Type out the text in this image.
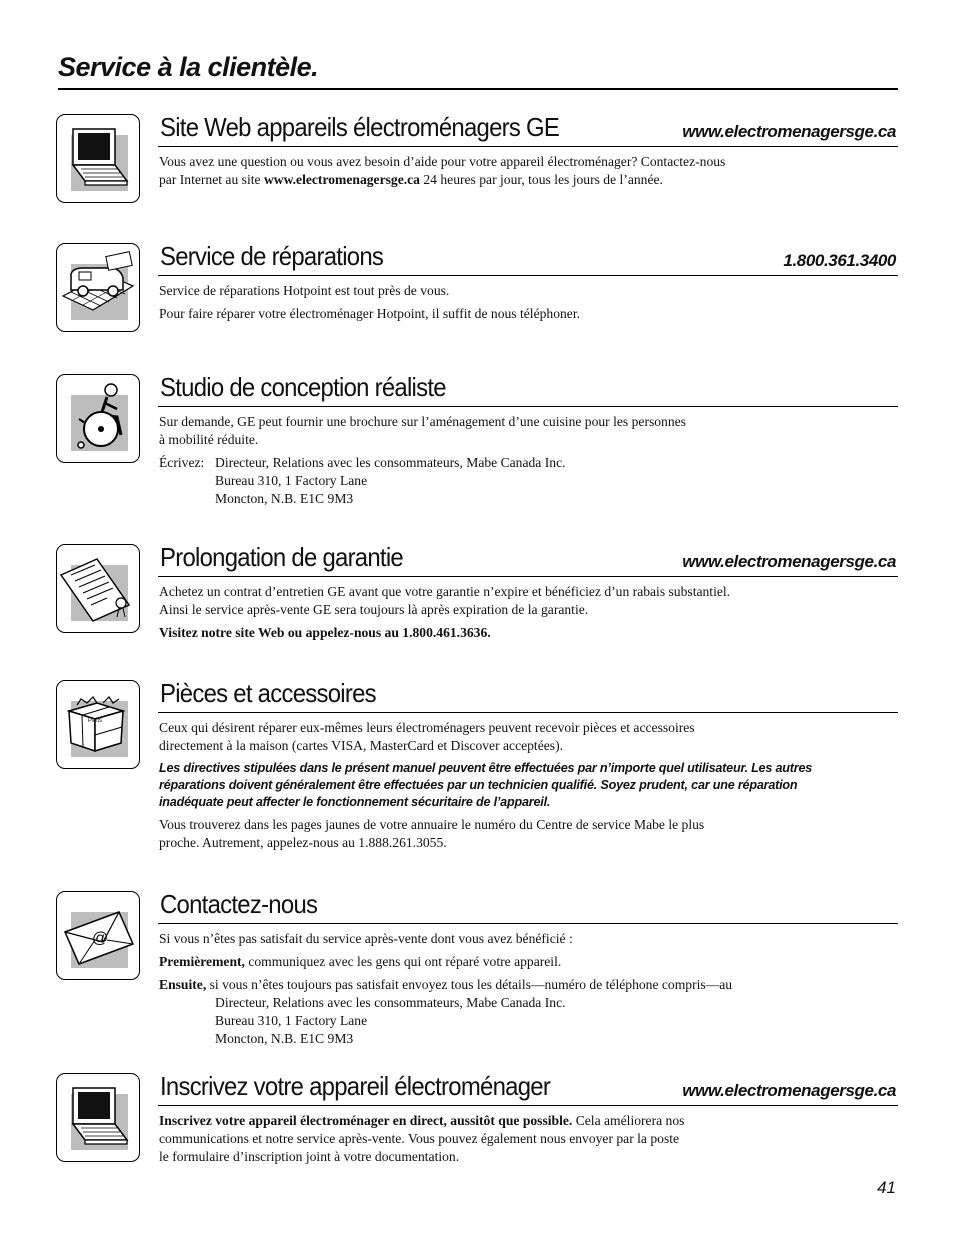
Service à la clientèle.
Site Web appareils électroménagers GE	www.electromenagersge.ca

Vous avez une question ou vous avez besoin d’aide pour votre appareil électroménager? Contactez-nous

par Internet au site www.electromenagersge.ca 24 heures par jour, tous les jours de l’année.

Service de réparations	1.800.361.3400

Service de réparations Hotpoint est tout près de vous.

Pour faire réparer votre électroménager Hotpoint, il suffit de nous téléphoner.

Studio de conception réaliste

Sur demande, GE peut fournir une brochure sur l’aménagement d’une cuisine pour les personnes

à mobilité réduite.

Écrivez: Directeur, Relations avec les consommateurs, Mabe Canada Inc.

Bureau 310, 1 Factory Lane

Moncton, N.B. E1C 9M3

Prolongation de garantie	www.electromenagersge.ca

Achetez un contrat d’entretien GE avant que votre garantie n’expire et bénéficiez d’un rabais substantiel.

Ainsi le service après-vente GE sera toujours là après expiration de la garantie.

Visitez notre site Web ou appelez-nous au 1.800.461.3636.

Parts
Pièces et accessoires

Ceux qui désirent réparer eux-mêmes leurs électroménagers peuvent recevoir pièces et accessoires

directement à la maison (cartes VISA, MasterCard et Discover acceptées).

Les directives stipulées dans le présent manuel peuvent être effectuées par n’importe quel utilisateur. Les autres

réparations doivent généralement être effectuées par un technicien qualifié. Soyez prudent, car une réparation

inadéquate peut affecter le fonctionnement sécuritaire de l’appareil.

Vous trouverez dans les pages jaunes de votre annuaire le numéro du Centre de service Mabe le plus

proche. Autrement, appelez-nous au 1.888.261.3055.

@
Contactez-nous

Si vous n’êtes pas satisfait du service après-vente dont vous avez bénéficié :

Premièrement, communiquez avec les gens qui ont réparé votre appareil.

Ensuite, si vous n’êtes toujours pas satisfait envoyez tous les détails—numéro de téléphone compris—au

Directeur, Relations avec les consommateurs, Mabe Canada Inc.

Bureau 310, 1 Factory Lane

Moncton, N.B. E1C 9M3

Inscrivez votre appareil électroménager	www.electromenagersge.ca

Inscrivez votre appareil électroménager en direct, aussitôt que possible. Cela améliorera nos

communications et notre service après-vente. Vous pouvez également nous envoyer par la poste

le formulaire d’inscription joint à votre documentation.

41
